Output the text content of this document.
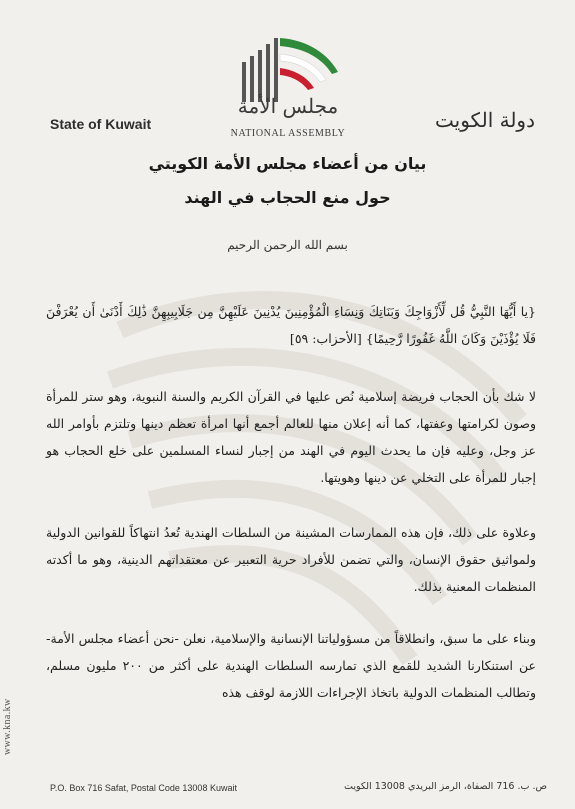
مجلس الأمة
NATIONAL ASSEMBLY
State of Kuwait	دولة الكويت
بيان من أعضاء مجلس الأمة الكويتي
حول منع الحجاب في الهند
بسم الله الرحمن الرحيم
{يا أَيُّهَا النَّبِيُّ قُل لِّأَزْوَاجِكَ وَبَنَاتِكَ وَنِسَاءِ الْمُؤْمِنِينَ يُدْنِينَ عَلَيْهِنَّ مِن جَلَابِيبِهِنَّ ذَٰلِكَ أَدْنَىٰ أَن يُعْرَفْنَ فَلَا يُؤْذَيْنَ وَكَانَ اللَّهُ غَفُورًا رَّحِيمًا} [الأحزاب: ٥٩]
لا شك بأن الحجاب فريضة إسلامية نُص عليها في القرآن الكريم والسنة النبوية، وهو ستر للمرأة وصون لكرامتها وعفتها، كما أنه إعلان منها للعالم أجمع أنها امرأة تعظم دينها وتلتزم بأوامر الله عز وجل، وعليه فإن ما يحدث اليوم في الهند من إجبار لنساء المسلمين على خلع الحجاب هو إجبار للمرأة على التخلي عن دينها وهويتها.
وعلاوة على ذلك، فإن هذه الممارسات المشينة من السلطات الهندية تُعدُ انتهاكاً للقوانين الدولية ولمواثيق حقوق الإنسان، والتي تضمن للأفراد حرية التعبير عن معتقداتهم الدينية، وهو ما أكدته المنظمات المعنية بذلك.
وبناء على ما سبق، وانطلاقاً من مسؤولياتنا الإنسانية والإسلامية، نعلن -نحن أعضاء مجلس الأمة- عن استنكارنا الشديد للقمع الذي تمارسه السلطات الهندية على أكثر من ٢٠٠ مليون مسلم، وتطالب المنظمات الدولية باتخاذ الإجراءات اللازمة لوقف هذه
www.kna.kw
P.O. Box 716 Safat, Postal Code 13008 Kuwait	ص. ب. 716 الصفاة، الرمز البريدي 13008 الكويت
